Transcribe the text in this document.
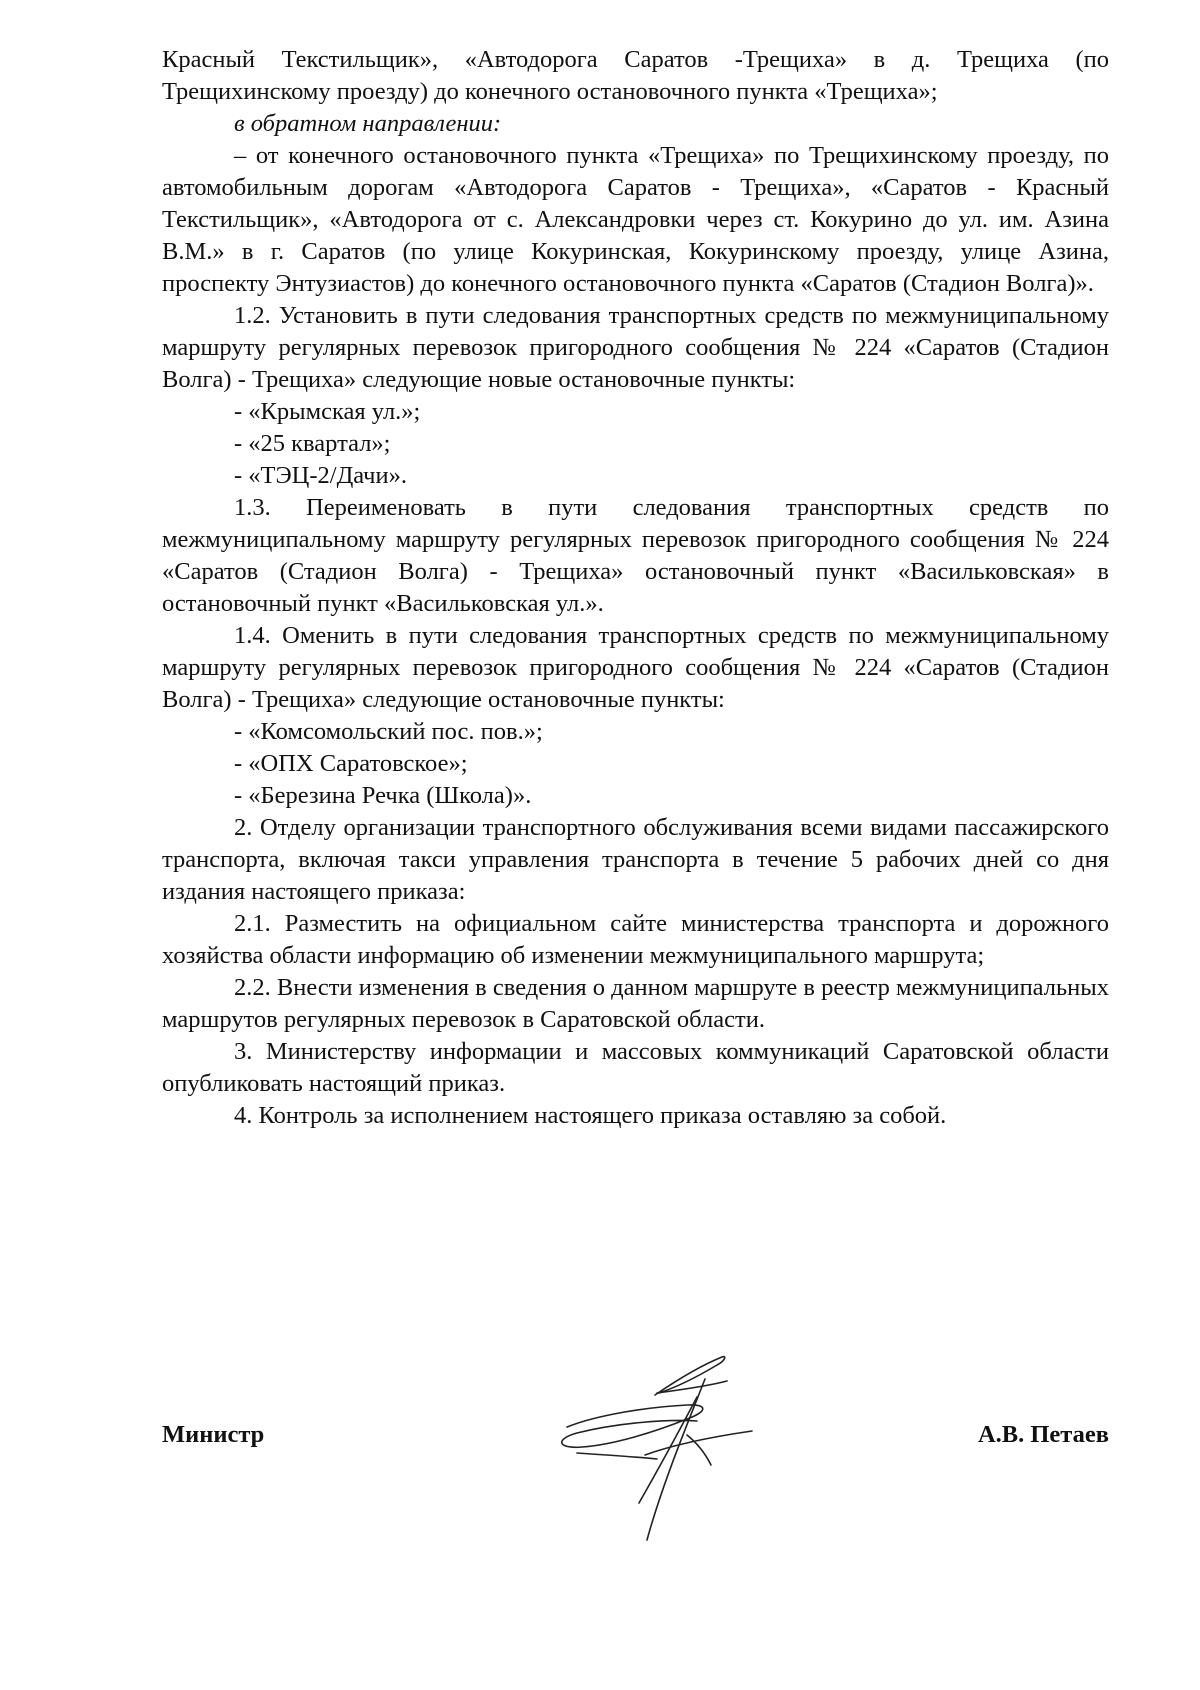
Красный Текстильщик», «Автодорога Саратов -Трещиха» в д. Трещиха (по Трещихинскому проезду) до конечного остановочного пункта «Трещиха»;

в обратном направлении:

– от конечного остановочного пункта «Трещиха» по Трещихинскому проезду, по автомобильным дорогам «Автодорога Саратов - Трещиха», «Саратов - Красный Текстильщик», «Автодорога от с. Александровки через ст. Кокурино до ул. им. Азина В.М.» в г. Саратов (по улице Кокуринская, Кокуринскому проезду, улице Азина, проспекту Энтузиастов) до конечного остановочного пункта «Саратов (Стадион Волга)».

1.2. Установить в пути следования транспортных средств по межмуниципальному маршруту регулярных перевозок пригородного сообщения № 224 «Саратов (Стадион Волга) - Трещиха» следующие новые остановочные пункты:

- «Крымская ул.»;

- «25 квартал»;

- «ТЭЦ-2/Дачи».

1.3. Переименовать в пути следования транспортных средств по межмуниципальному маршруту регулярных перевозок пригородного сообщения № 224 «Саратов (Стадион Волга) - Трещиха» остановочный пункт «Васильковская» в остановочный пункт «Васильковская ул.».

1.4. Оменить в пути следования транспортных средств по межмуниципальному маршруту регулярных перевозок пригородного сообщения № 224 «Саратов (Стадион Волга) - Трещиха» следующие остановочные пункты:

- «Комсомольский пос. пов.»;

- «ОПХ Саратовское»;

- «Березина Речка (Школа)».

2. Отделу организации транспортного обслуживания всеми видами пассажирского транспорта, включая такси управления транспорта в течение 5 рабочих дней со дня издания настоящего приказа:

2.1. Разместить на официальном сайте министерства транспорта и дорожного хозяйства области информацию об изменении межмуниципального маршрута;

2.2. Внести изменения в сведения о данном маршруте в реестр межмуниципальных маршрутов регулярных перевозок в Саратовской области.

3. Министерству информации и массовых коммуникаций Саратовской области опубликовать настоящий приказ.

4. Контроль за исполнением настоящего приказа оставляю за собой.

Министр	А.В. Петаев
